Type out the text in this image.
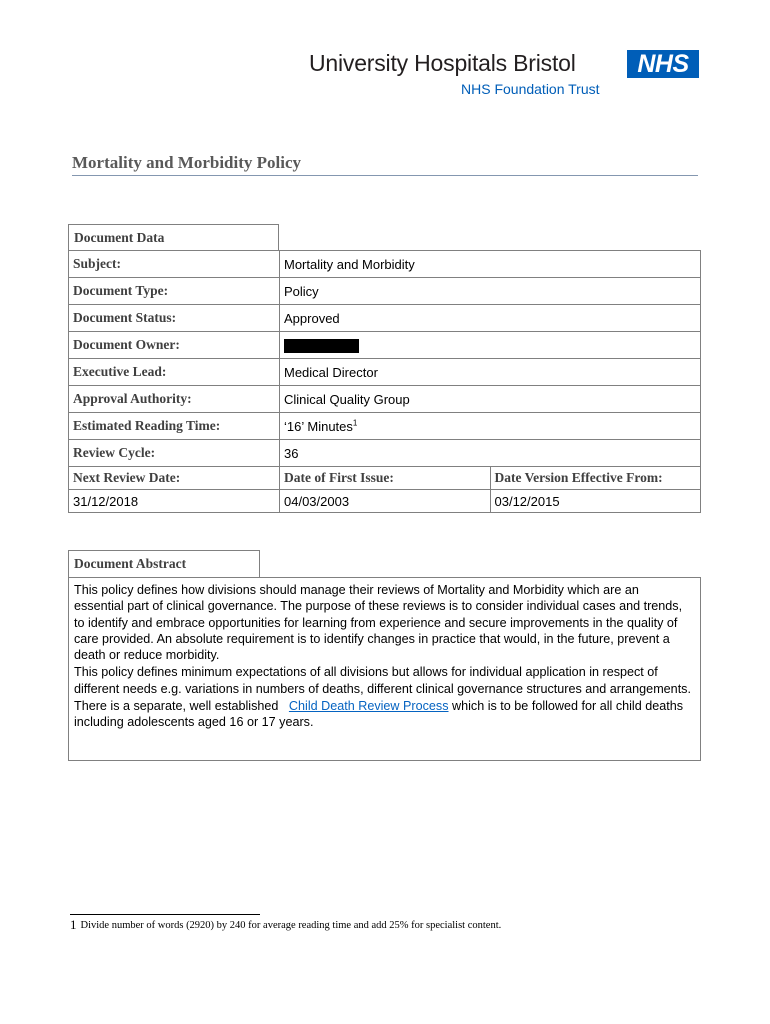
University Hospitals Bristol	NHS
NHS Foundation Trust
Mortality and Morbidity Policy
Document Data
Subject:	Mortality and Morbidity	
Document Type:	Policy	
Document Status:	Approved	
Document Owner:		
Executive Lead:	Medical Director	
Approval Authority:	Clinical Quality Group	
Estimated Reading Time:	‘16’ Minutes$^1$
Review Cycle:	36	
Next Review Date:	Date of First Issue:	Date Version Effective From:
31/12/2018	04/03/2003	03/12/2015
Document Abstract

This policy defines how divisions should manage their reviews of Mortality and Morbidity which are an essential part of clinical governance. The purpose of these reviews is to consider individual cases and trends, to identify and embrace opportunities for learning from experience and secure improvements in the quality of care provided. An absolute requirement is to identify changes in practice that would, in the future, prevent a death or reduce morbidity.

This policy defines minimum expectations of all divisions but allows for individual application in respect of different needs e.g. variations in numbers of deaths, different clinical governance structures and arrangements.

There is a separate, well established Child Death Review Process which is to be followed for all child deaths including adolescents aged 16 or 17 years.

1 Divide number of words (2920) by 240 for average reading time and add 25% for specialist content.
